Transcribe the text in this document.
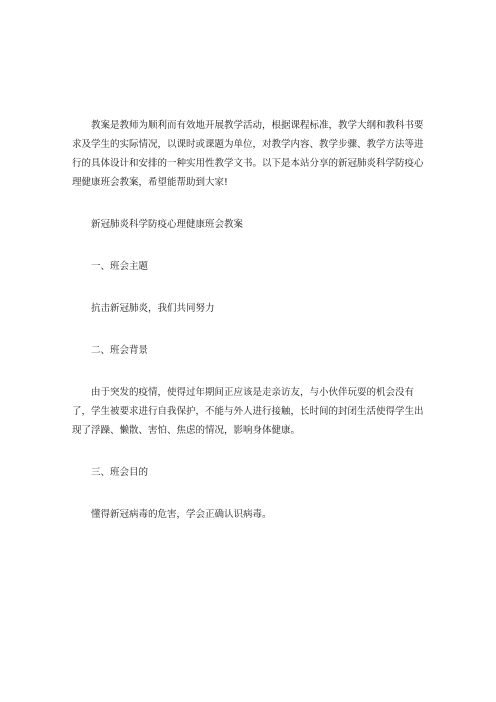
教案是教师为顺利而有效地开展教学活动，根据课程标准，教学大纲和教科书要求及学生的实际情况，以课时或课题为单位，对教学内容、教学步骤、教学方法等进行的具体设计和安排的一种实用性教学文书。以下是本站分享的新冠肺炎科学防疫心理健康班会教案，希望能帮助到大家!

新冠肺炎科学防疫心理健康班会教案

一、班会主题

抗击新冠肺炎，我们共同努力

二、班会背景

由于突发的疫情，使得过年期间正应该是走亲访友，与小伙伴玩耍的机会没有了，学生被要求进行自我保护，不能与外人进行接触，长时间的封闭生活使得学生出现了浮躁、懒散、害怕、焦虑的情况，影响身体健康。

三、班会目的

懂得新冠病毒的危害，学会正确认识病毒。
